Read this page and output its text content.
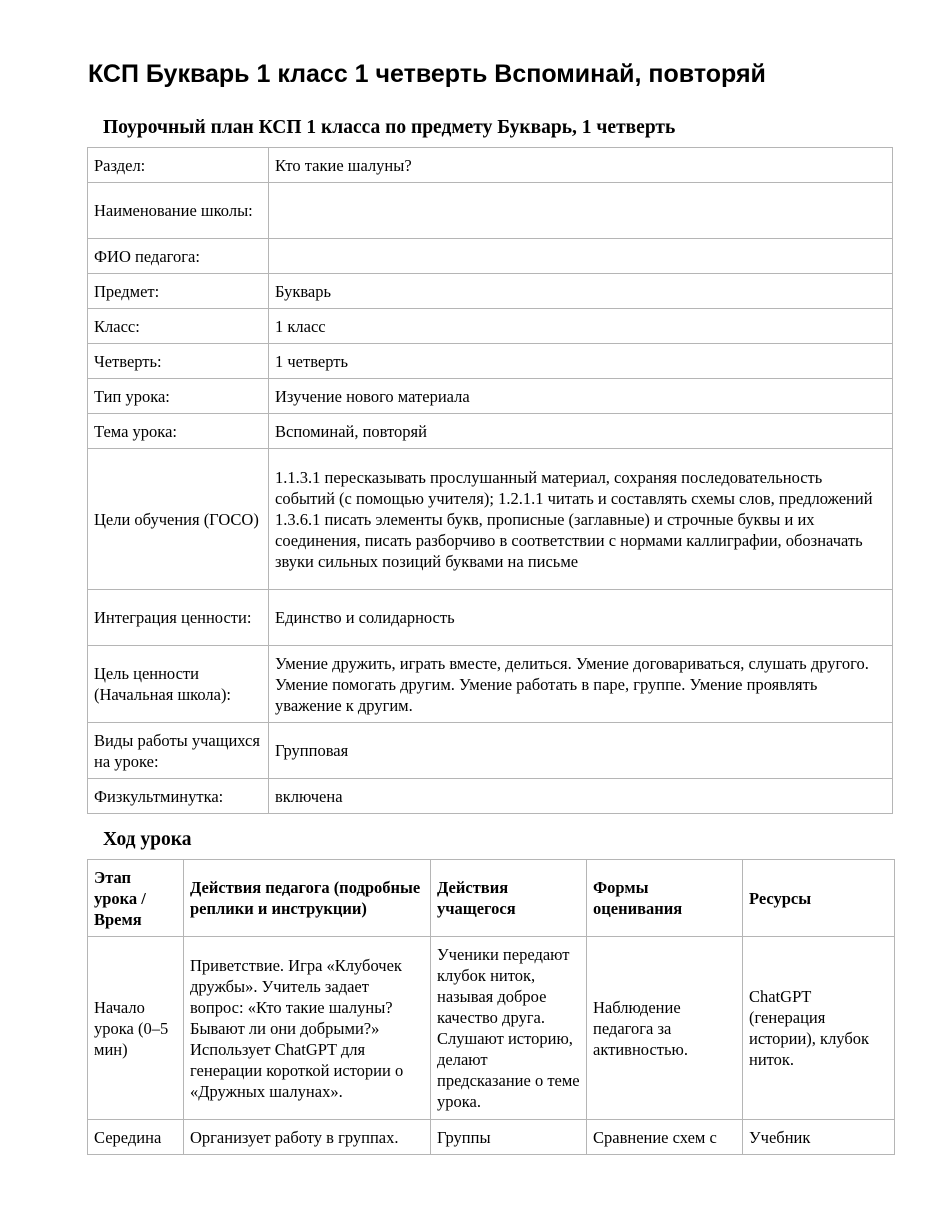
КСП Букварь 1 класс 1 четверть Вспоминай, повторяй
Поурочный план КСП 1 класса по предмету Букварь, 1 четверть
Раздел:	Кто такие шалуны?
Наименование школы:	
ФИО педагога:	
Предмет:	Букварь
Класс:	1 класс
Четверть:	1 четверть
Тип урока:	Изучение нового материала
Тема урока:	Вспоминай, повторяй
Цели обучения (ГОСО)	1.1.3.1 пересказывать прослушанный материал, сохраняя последовательность событий (с помощью учителя); 1.2.1.1 читать и составлять схемы слов, предложений 1.3.6.1 писать элементы букв, прописные (заглавные) и строчные буквы и их соединения, писать разборчиво в соответствии с нормами каллиграфии, обозначать звуки сильных позиций буквами на письме
Интеграция ценности:	Единство и солидарность
Цель ценности (Начальная школа):	Умение дружить, играть вместе, делиться. Умение договариваться, слушать другого. Умение помогать другим. Умение работать в паре, группе. Умение проявлять уважение к другим.
Виды работы учащихся на уроке:	Групповая
Физкультминутка:	включена
Ход урока
Этап урока / Время	Действия педагога (подробные реплики и инструкции)	Действия учащегося	Формы оценивания	Ресурсы
Начало урока (0–5 мин)	Приветствие. Игра «Клубочек дружбы». Учитель задает вопрос: «Кто такие шалуны? Бывают ли они добрыми?» Использует ChatGPT для генерации короткой истории о «Дружных шалунах».	Ученики передают клубок ниток, называя доброе качество друга. Слушают историю, делают предсказание о теме урока.	Наблюдение педагога за активностью.	ChatGPT (генерация истории), клубок ниток.
Середина	Организует работу в группах.	Группы	Сравнение схем с	Учебник
